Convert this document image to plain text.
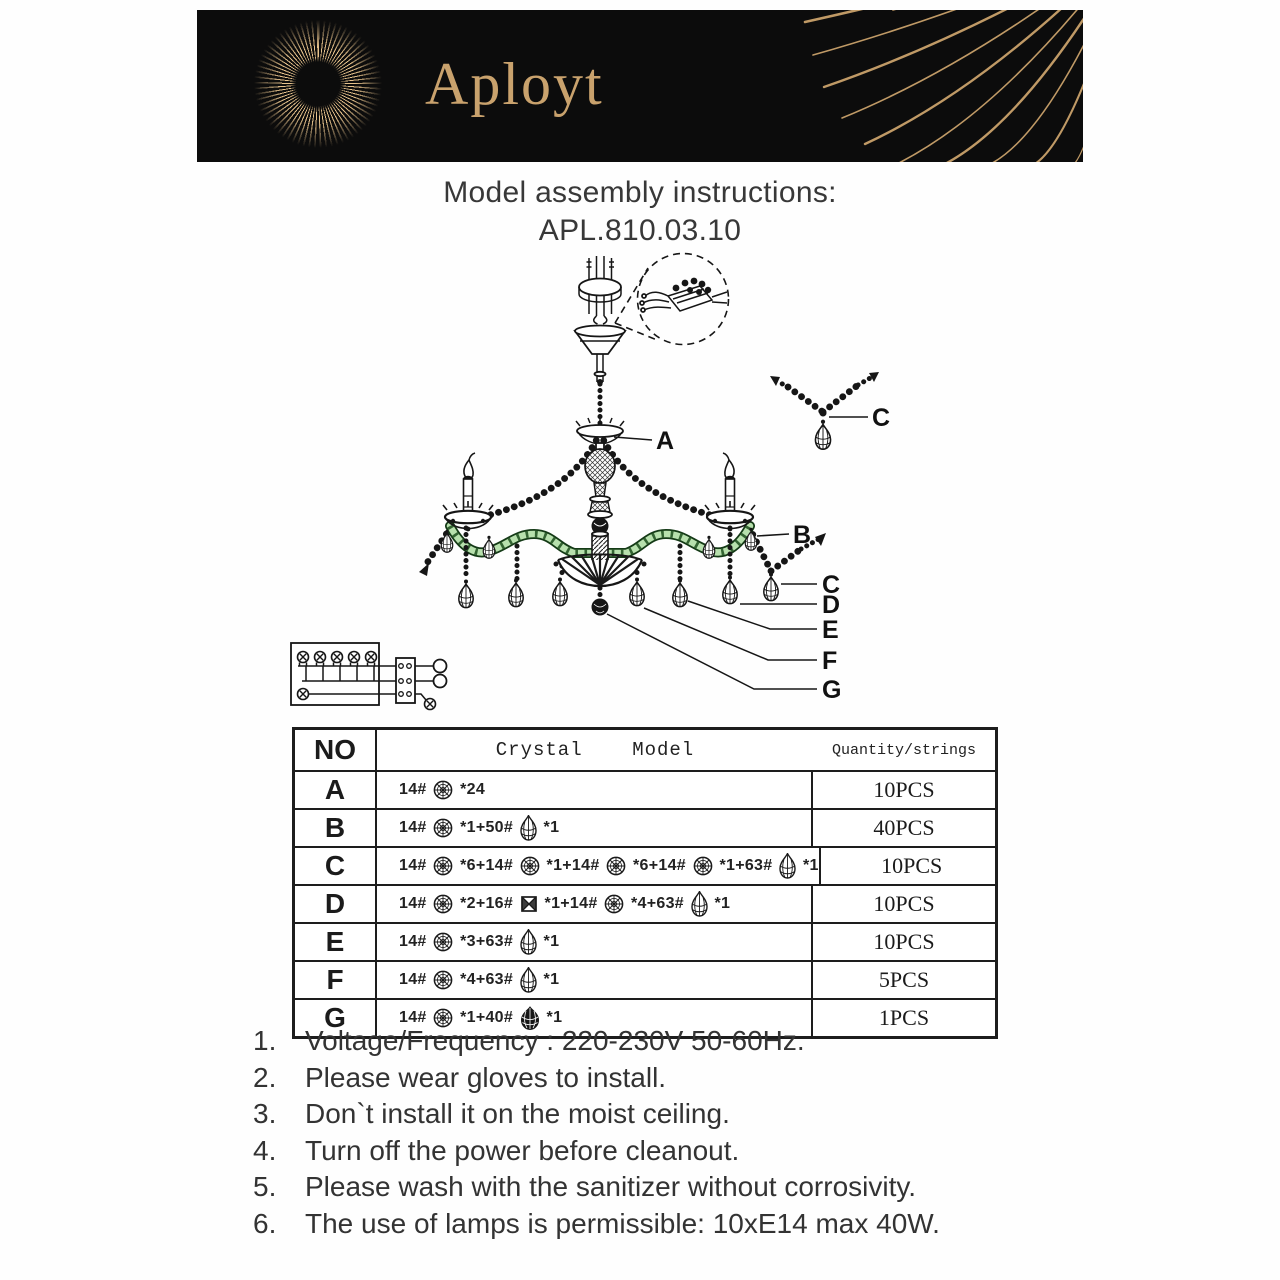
Aployt
Model assembly instructions:
APL.810.03.10
C
A
B
C
D
E
F
G
NO	Crystal    Model	Quantity/strings
A	14# *24	10PCS
B	14# *1+50# *1	40PCS
C	14# *6+14# *1+14# *6+14# *1+63# *1	10PCS
D	14# *2+16# *1+14# *4+63# *1	10PCS
E	14# *3+63# *1	10PCS
F	14# *4+63# *1	5PCS
G	14# *1+40# *1	1PCS
1.	Voltage/Frequency : 220-230V 50-60Hz.
2.	Please wear gloves to install.
3.	Don`t install it on the moist ceiling.
4.	Turn off the power before cleanout.
5.	Please wash with the sanitizer without corrosivity.
6.	The use of lamps is permissible: 10xE14 max 40W.
